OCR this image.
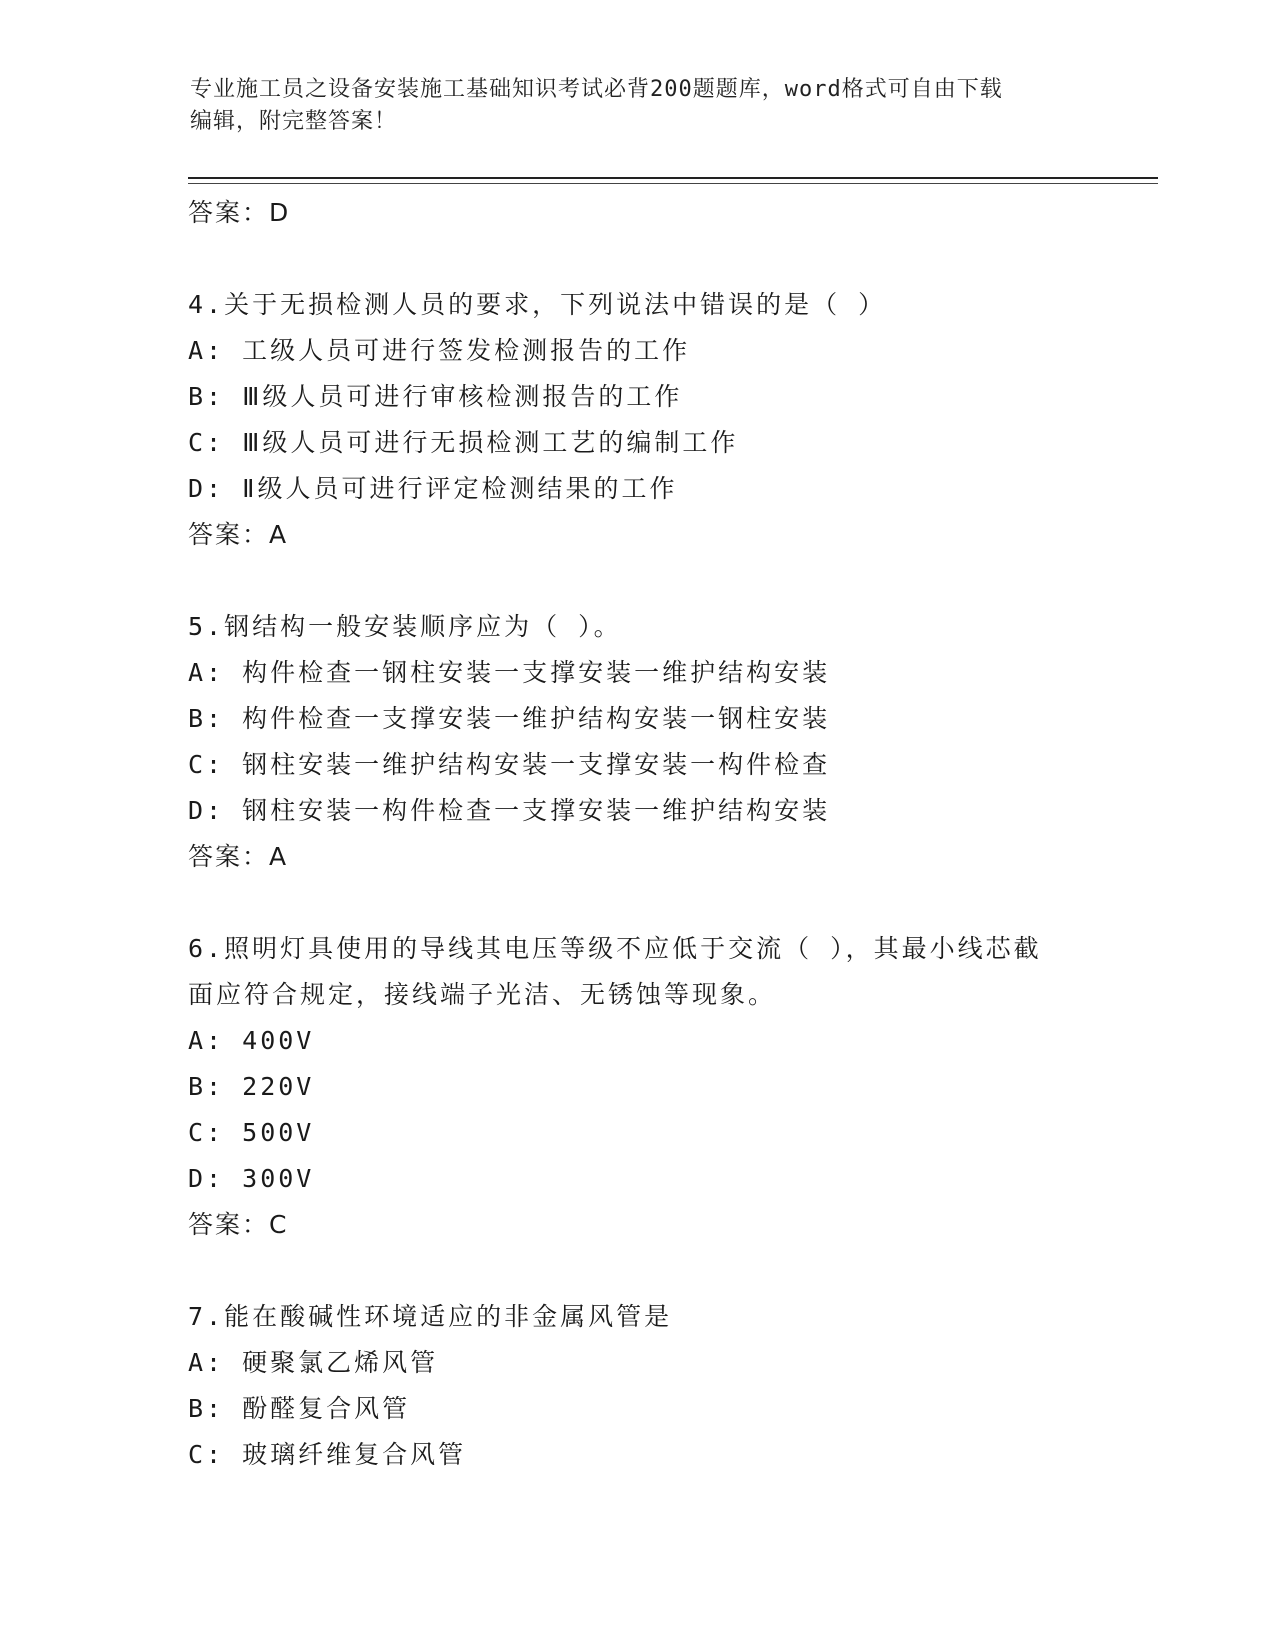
专业施工员之设备安装施工基础知识考试必背200题题库，word格式可自由下载
编辑，附完整答案！
答案：D
4.关于无损检测人员的要求，下列说法中错误的是（ ）
A: 工级人员可进行签发检测报告的工作
B: Ⅲ级人员可进行审核检测报告的工作
C: Ⅲ级人员可进行无损检测工艺的编制工作
D: Ⅱ级人员可进行评定检测结果的工作
答案：A
5.钢结构一般安装顺序应为（ ）。
A: 构件检查一钢柱安装一支撑安装一维护结构安装
B: 构件检查一支撑安装一维护结构安装一钢柱安装
C: 钢柱安装一维护结构安装一支撑安装一构件检查
D: 钢柱安装一构件检查一支撑安装一维护结构安装
答案：A
6.照明灯具使用的导线其电压等级不应低于交流（ ），其最小线芯截
面应符合规定，接线端子光洁、无锈蚀等现象。
A: 400V
B: 220V
C: 500V
D: 300V
答案：C
7.能在酸碱性环境适应的非金属风管是
A: 硬聚氯乙烯风管
B: 酚醛复合风管
C: 玻璃纤维复合风管
